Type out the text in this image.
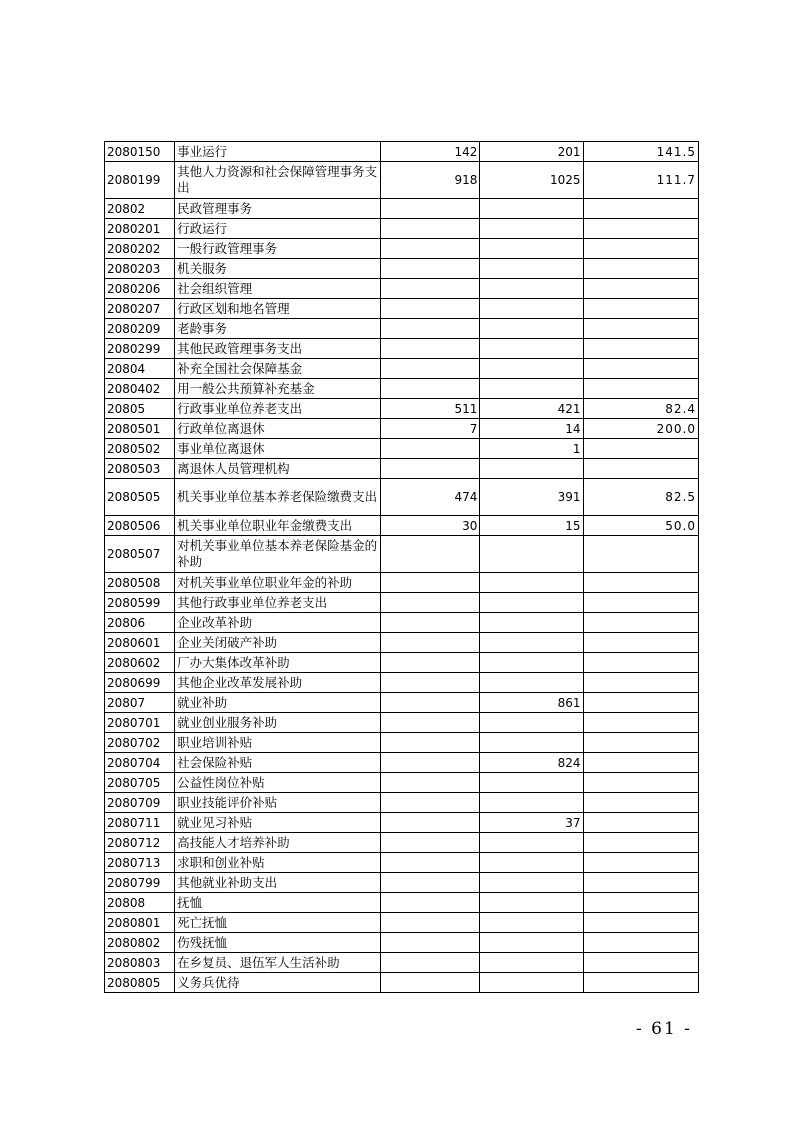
2080150	事业运行	142	201	141.5
2080199	其他人力资源和社会保障管理事务支出	918	1025	111.7
20802	民政管理事务			
2080201	行政运行			
2080202	一般行政管理事务			
2080203	机关服务			
2080206	社会组织管理			
2080207	行政区划和地名管理			
2080209	老龄事务			
2080299	其他民政管理事务支出			
20804	补充全国社会保障基金			
2080402	用一般公共预算补充基金			
20805	行政事业单位养老支出	511	421	82.4
2080501	行政单位离退休	7	14	200.0
2080502	事业单位离退休		1	
2080503	离退休人员管理机构			
2080505	机关事业单位基本养老保险缴费支出	474	391	82.5
2080506	机关事业单位职业年金缴费支出	30	15	50.0
2080507	对机关事业单位基本养老保险基金的补助			
2080508	对机关事业单位职业年金的补助			
2080599	其他行政事业单位养老支出			
20806	企业改革补助			
2080601	企业关闭破产补助			
2080602	厂办大集体改革补助			
2080699	其他企业改革发展补助			
20807	就业补助		861	
2080701	就业创业服务补助			
2080702	职业培训补贴			
2080704	社会保险补贴		824	
2080705	公益性岗位补贴			
2080709	职业技能评价补贴			
2080711	就业见习补贴		37	
2080712	高技能人才培养补助			
2080713	求职和创业补贴			
2080799	其他就业补助支出			
20808	抚恤			
2080801	死亡抚恤			
2080802	伤残抚恤			
2080803	在乡复员、退伍军人生活补助			
2080805	义务兵优待			
- 61 -
